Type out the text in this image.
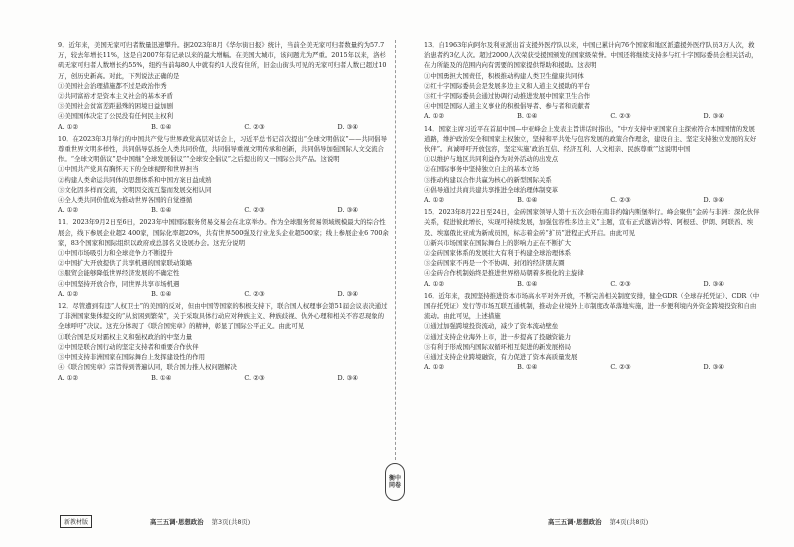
9．近年来，美国无家可归者数量迅速攀升。据2023年8月《华尔街日报》统计，当前全美无家可归者数量约为57.7万，较去年增长11%，这是自2007年有记录以来的最大增幅。在美国大城市，该问题尤为严重。2015年以来，洛杉矶无家可归者人数增长约55%，纽约当前每80人中就有约1人没有住所，旧金山街头可见的无家可归者人数已超过10万，创历史新高。对此，下列说法正确的是
①美国社会治理措施都不过是政治作秀
②共同富裕才是资本主义社会的基本矛盾
③美国社会贫富差距悬殊的困境日益加剧
④美国国体决定了公民没有任何民主权利
A. ①②	B. ①④	C. ②③	D. ③④
10．在2023年3月举行的中国共产党与世界政党高层对话会上，习近平总书记首次提出“全球文明倡议”——共同倡导尊重世界文明多样性，共同倡导弘扬全人类共同价值，共同倡导重视文明传承和创新，共同倡导加强国际人文交流合作。“全球文明倡议”是中国继“全球发展倡议”“全球安全倡议”之后提出的又一国际公共产品。这说明
①中国共产党具有胸怀天下的全球视野和世界担当
②构建人类命运共同体的思想体系和中国方案日益成熟
③文化因多样而交流，文明因交流互鉴而发展交相认同
④全人类共同价值成为推动世界各国的自觉遵循
A. ①②	B. ①④	C. ②③	D. ③④
11．2023年9月2日至6日，2023年中国国际服务贸易交易会在北京举办。作为全球服务贸易领域规模最大的综合性展会，线下参展企业超2 400家，国际化率超20%，共有世界500强及行业龙头企业超500家；线上参展企业6 700余家，83个国家和国际组织以政府或总部名义设展办会。这充分说明
①中国市场吸引力和全球竞争力不断提升
②中国扩大开放提供了共享机遇的国家联动策略
③服贸会能够降低世界经济发展的不确定性
④中国坚持开放合作，同世界共享市场机遇
A. ①②	B. ①④	C. ②③	D. ③④
12．尽管遭到有违“人权卫士”的美国的反对，但由中国等国家的积极支持下，联合国人权理事会第51届会议表决通过了非洲国家集体提交的“从贫困到繁荣”，关于采取具体行动应对种族主义、种族歧视、仇外心理和相关不容忍现象的全球呼吁”决议。这充分体现了《联合国宪章》的精神，彰显了国际公平正义。由此可见
①联合国是反对霸权主义和强权政治的中坚力量
②中国是联合国行动的坚定支持者和重要合作伙伴
③中国支持非洲国家在国际舞台上发挥建设性的作用
④《联合国宪章》宗旨得到普遍认同，联合国力推人权问题解决
A. ①②	B. ①④	C. ②③	D. ③④
13．自1963年向阿尔及利亚派出首支援外医疗队以来，中国已累计向76个国家和地区派遣援外医疗队员3万人次，救治患者约3亿人次。超过2000人次荣获受援国颁发的国家级荣誉。中国还将继续支持多与红十字国际委员会相关活动，在力所能及的范围内向有需要的国家提供帮助和援助。这表明
①中国勇担大国责任，积极推动构建人类卫生健康共同体
②红十字国际委员会是发展多边主义和人道主义援助的平台
③红十字国际委员会通过协调行动推进发展中国家卫生合作
④中国是国际人道主义事业的积极倡导者、参与者和贡献者
A. ①②	B. ①④	C. ②③	D. ③④
14．国家主席习近平在首届中国—中亚峰会上发表主旨讲话时指出，“中方支持中亚国家自主探索符合本国国情的发展道路，维护政治安全和国家主权独立，坚持和平共处与包容发展的政策合作理念，建设自主、坚定支持独立发展的友好伙伴”。真诚呼吁开放包容，坚定实施‘政治互信、经济互利、人文相亲、民族尊重’”这说明中国
①以维护与地区共同利益作为对外活动的出发点
②在国际事务中坚持独立自主的基本立场
③推动构建以合作共赢为核心的新型国际关系
④倡导通过共商共建共享推进全球治理体制变革
A. ①②	B. ①④	C. ②③	D. ③④
15．2023年8月22日至24日，金砖国家领导人第十五次会晤在南非约翰内斯堡举行。峰会聚焦“金砖与非洲：深化伙伴关系，促进彼此增长，实现可持续发展，加强包容性多边主义”主题，宣布正式邀请沙特、阿根廷、伊朗、阿联酋、埃及、埃塞俄比亚成为新成员国，标志着金砖“扩员”进程正式开启。由此可见
①新兴市场国家在国际舞台上的影响力正在不断扩大
②金砖国家体系的发展壮大有利于构建全球治理体系
③金砖国家不再是一个不协调、封闭的经济朋友圈
④金砖合作机制始终是推进世界格局朝着多极化的主旋律
A. ①②	B. ①④	C. ②③	D. ③④
16．近年来，我国坚持推进资本市场高水平对外开放，不断完善相关制度安排，健全GDR（全球存托凭证）、CDR（中国存托凭证）发行等市场互联互通机制，推动企业境外上市制度改革落地实施，进一步便利境内外资金跨境投资和自由流动。由此可见，上述措施
①通过加强跨境投资流动，减少了资本流动壁垒
②通过支持企业海外上市，进一步提高了投融资能力
③有利于形成国内国际双循环相互促进的新发展格局
④通过支持企业跨境融资，有力促进了资本高质量发展
A. ①②	B. ①④	C. ②③	D. ③④
衡中
同卷
新教材版	高三五调·思想政治 第3页(共8页)	高三五调·思想政治 第4页(共8页)
